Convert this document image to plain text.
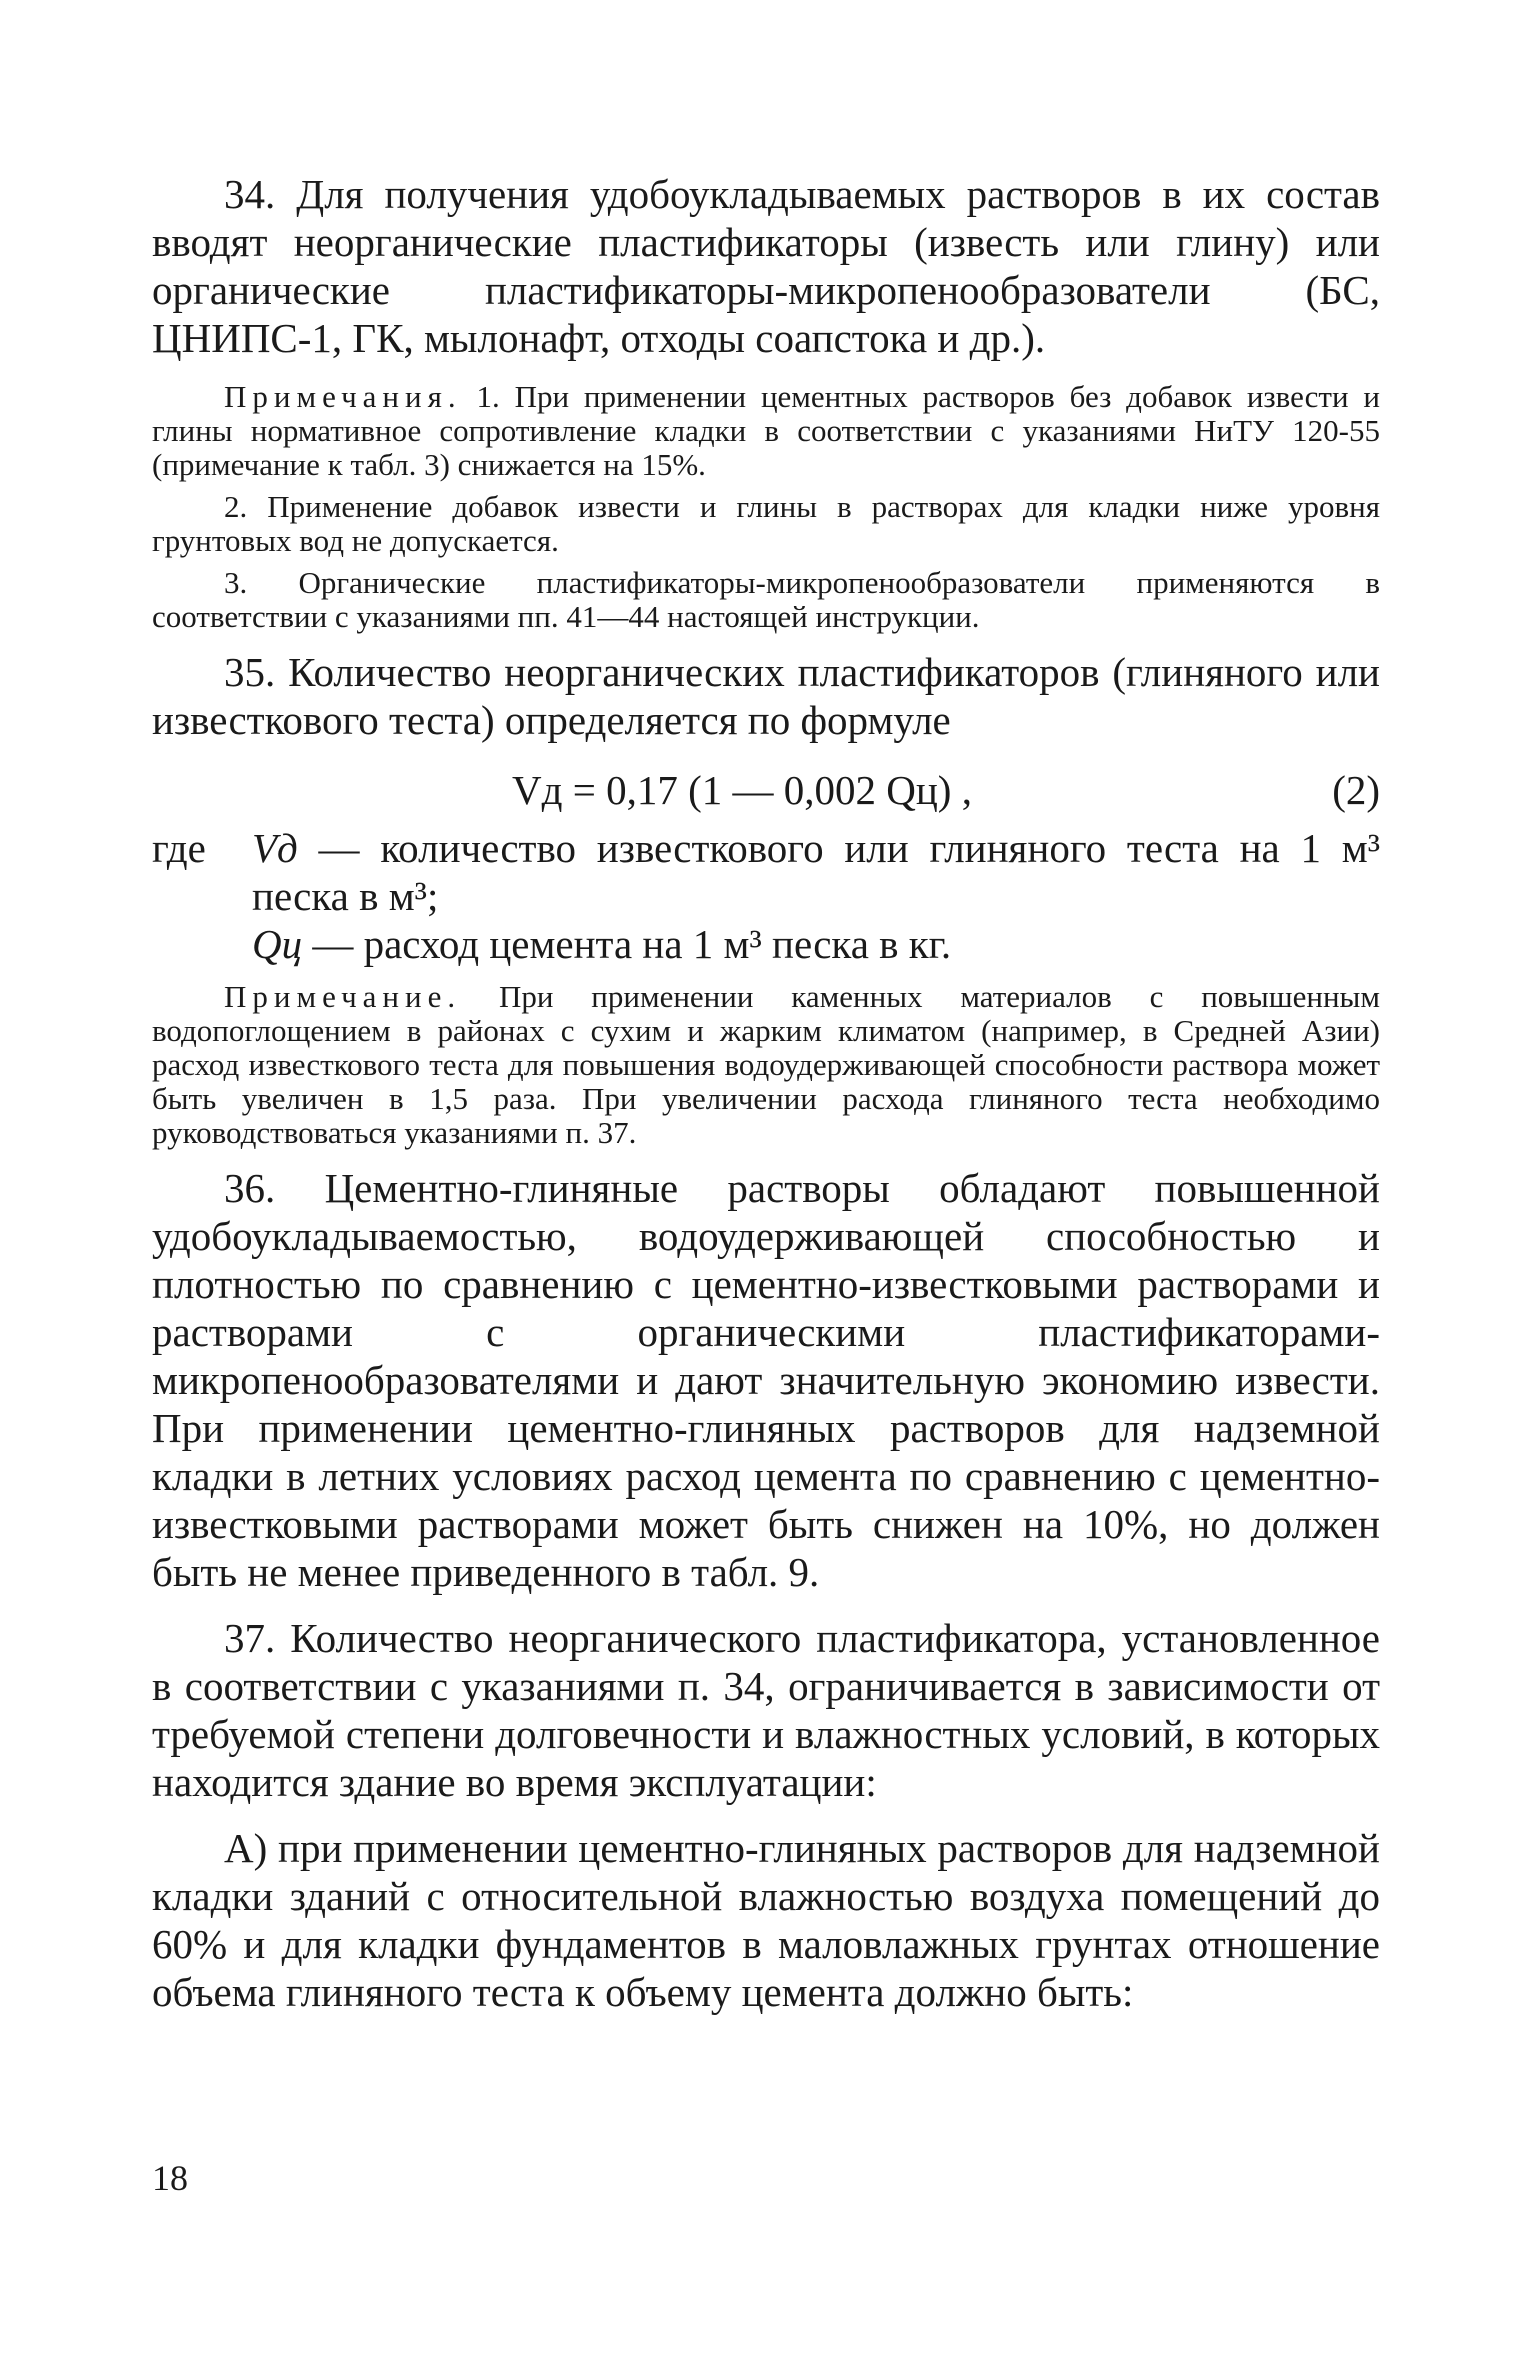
34. Для получения удобоукладываемых растворов в их состав вводят неорганические пластификаторы (известь или глину) или органические пластификаторы-микропенообразователи (БС, ЦНИПС-1, ГК, мылонафт, отходы соапстока и др.).

Примечания. 1. При применении цементных растворов без добавок извести и глины нормативное сопротивление кладки в соответствии с указаниями НиТУ 120-55 (примечание к табл. 3) снижается на 15%.

2. Применение добавок извести и глины в растворах для кладки ниже уровня грунтовых вод не допускается.

3. Органические пластификаторы-микропенообразователи применяются в соответствии с указаниями пп. 41—44 настоящей инструкции.

35. Количество неорганических пластификаторов (глиняного или известкового теста) определяется по формуле

Vд = 0,17 (1 — 0,002 Qц) ,	(2)
где Vд — количество известкового или глиняного теста на 1 м³ песка в м³;
Qц — расход цемента на 1 м³ песка в кг.

Примечание. При применении каменных материалов с повышенным водопоглощением в районах с сухим и жарким климатом (например, в Средней Азии) расход известкового теста для повышения водоудерживающей способности раствора может быть увеличен в 1,5 раза. При увеличении расхода глиняного теста необходимо руководствоваться указаниями п. 37.

36. Цементно-глиняные растворы обладают повышенной удобоукладываемостью, водоудерживающей способностью и плотностью по сравнению с цементно-известковыми растворами и растворами с органическими пластификаторами-микропенообразователями и дают значительную экономию извести. При применении цементно-глиняных растворов для надземной кладки в летних условиях расход цемента по сравнению с цементно-известковыми растворами может быть снижен на 10%, но должен быть не менее приведенного в табл. 9.

37. Количество неорганического пластификатора, установленное в соответствии с указаниями п. 34, ограничивается в зависимости от требуемой степени долговечности и влажностных условий, в которых находится здание во время эксплуатации:

А) при применении цементно-глиняных растворов для надземной кладки зданий с относительной влажностью воздуха помещений до 60% и для кладки фундаментов в маловлажных грунтах отношение объема глиняного теста к объему цемента должно быть:

18
